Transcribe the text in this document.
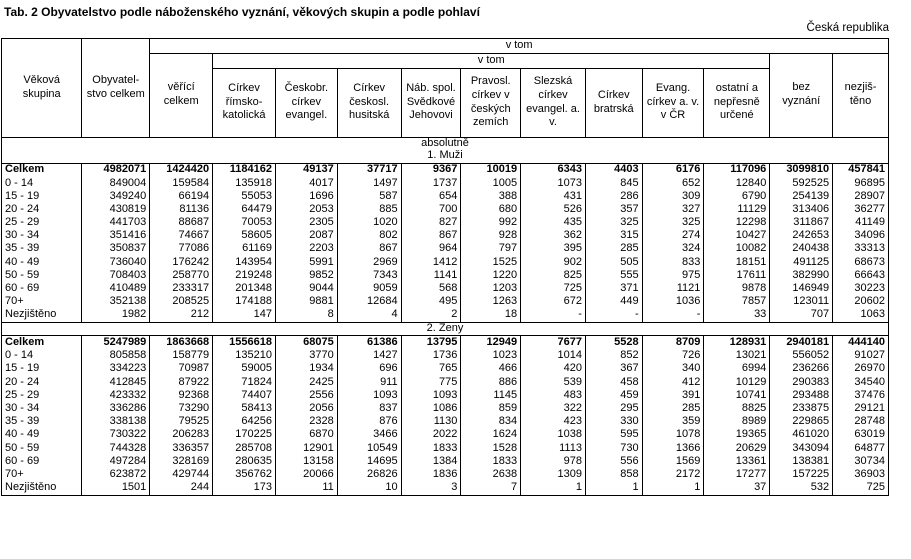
Tab. 2 Obyvatelstvo podle náboženského vyznání, věkových skupin a podle pohlaví
Česká republika
Věková skupina	Obyvatel-stvo celkem	v tom											
		věřící celkem	v tom									bez vyznání	nezjiš-těno
			Církev římsko-katolická	Českobr. církev evangel.	Církev českosl. husitská	Náb. spol. Svědkové Jehovovi	Pravosl. církev v českých zemích	Slezská církev evangel. a. v.	Církev bratrská	Evang. církev a. v. v ČR	ostatní a nepřesně určené		
absolutně													
1. Muži													
Celkem	4982071	1424420	1184162	49137	37717	9367	10019	6343	4403	6176	117096	3099810	457841
0 - 14	849004	159584	135918	4017	1497	1737	1005	1073	845	652	12840	592525	96895
15 - 19	349240	66194	55053	1696	587	654	388	431	286	309	6790	254139	28907
20 - 24	430819	81136	64479	2053	885	700	680	526	357	327	11129	313406	36277
25 - 29	441703	88687	70053	2305	1020	827	992	435	325	325	12298	311867	41149
30 - 34	351416	74667	58605	2087	802	867	928	362	315	274	10427	242653	34096
35 - 39	350837	77086	61169	2203	867	964	797	395	285	324	10082	240438	33313
40 - 49	736040	176242	143954	5991	2969	1412	1525	902	505	833	18151	491125	68673
50 - 59	708403	258770	219248	9852	7343	1141	1220	825	555	975	17611	382990	66643
60 - 69	410489	233317	201348	9044	9059	568	1203	725	371	1121	9878	146949	30223
70+	352138	208525	174188	9881	12684	495	1263	672	449	1036	7857	123011	20602
Nezjištěno	1982	212	147	8	4	2	18	-	-	-	33	707	1063
2. Ženy													
Celkem	5247989	1863668	1556618	68075	61386	13795	12949	7677	5528	8709	128931	2940181	444140
0 - 14	805858	158779	135210	3770	1427	1736	1023	1014	852	726	13021	556052	91027
15 - 19	334223	70987	59005	1934	696	765	466	420	367	340	6994	236266	26970
20 - 24	412845	87922	71824	2425	911	775	886	539	458	412	10129	290383	34540
25 - 29	423332	92368	74407	2556	1093	1093	1145	483	459	391	10741	293488	37476
30 - 34	336286	73290	58413	2056	837	1086	859	322	295	285	8825	233875	29121
35 - 39	338138	79525	64256	2328	876	1130	834	423	330	359	8989	229865	28748
40 - 49	730322	206283	170225	6870	3466	2022	1624	1038	595	1078	19365	461020	63019
50 - 59	744328	336357	285708	12901	10549	1833	1528	1113	730	1366	20629	343094	64877
60 - 69	497284	328169	280635	13158	14695	1384	1833	978	556	1569	13361	138381	30734
70+	623872	429744	356762	20066	26826	1836	2638	1309	858	2172	17277	157225	36903
Nezjištěno	1501	244	173	11	10	3	7	1	1	1	37	532	725
